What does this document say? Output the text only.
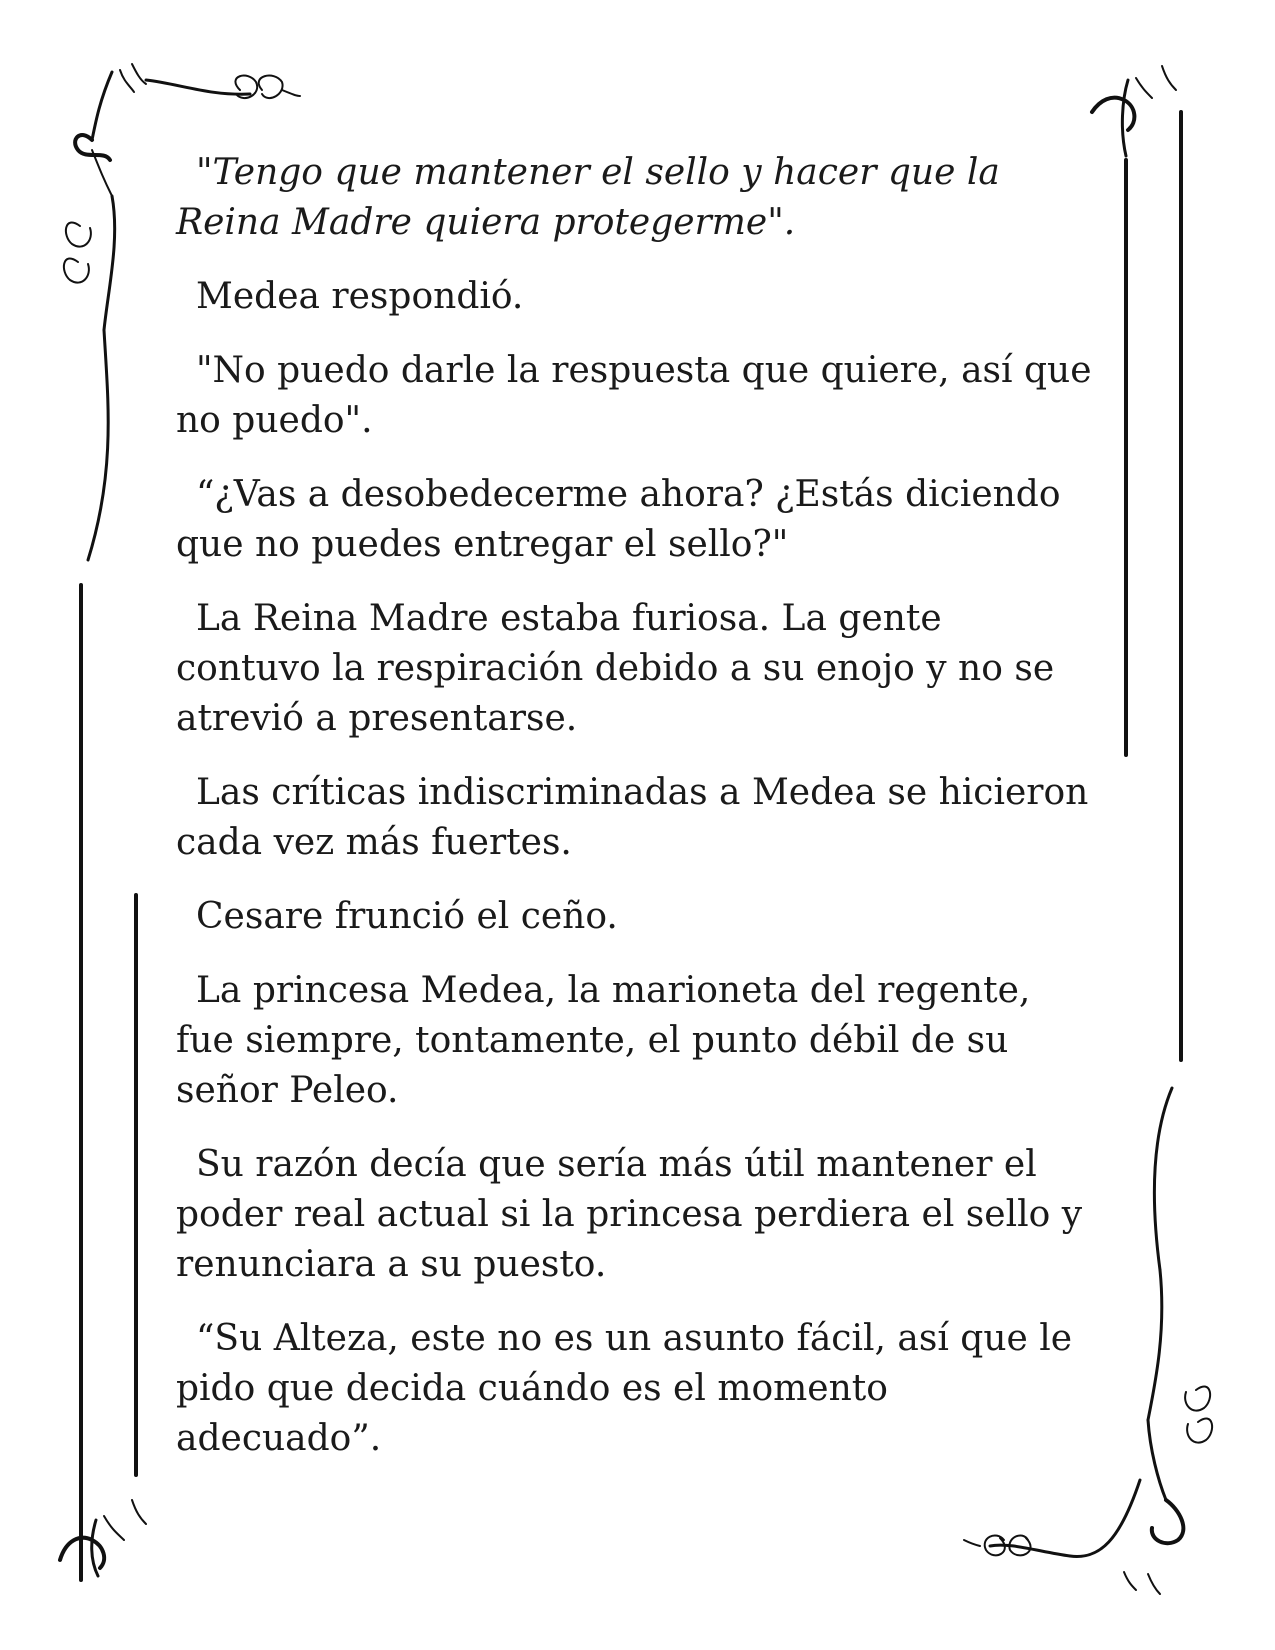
"Tengo que mantener el sello y hacer que la Reina Madre quiera protegerme".

Medea respondió.

"No puedo darle la respuesta que quiere, así que no puedo".

“¿Vas a desobedecerme ahora? ¿Estás diciendo que no puedes entregar el sello?"

La Reina Madre estaba furiosa. La gente contuvo la respiración debido a su enojo y no se atrevió a presentarse.

Las críticas indiscriminadas a Medea se hicieron cada vez más fuertes.

Cesare frunció el ceño.

La princesa Medea, la marioneta del regente, fue siempre, tontamente, el punto débil de su señor Peleo.

Su razón decía que sería más útil mantener el poder real actual si la princesa perdiera el sello y renunciara a su puesto.

“Su Alteza, este no es un asunto fácil, así que le pido que decida cuándo es el momento adecuado”.
